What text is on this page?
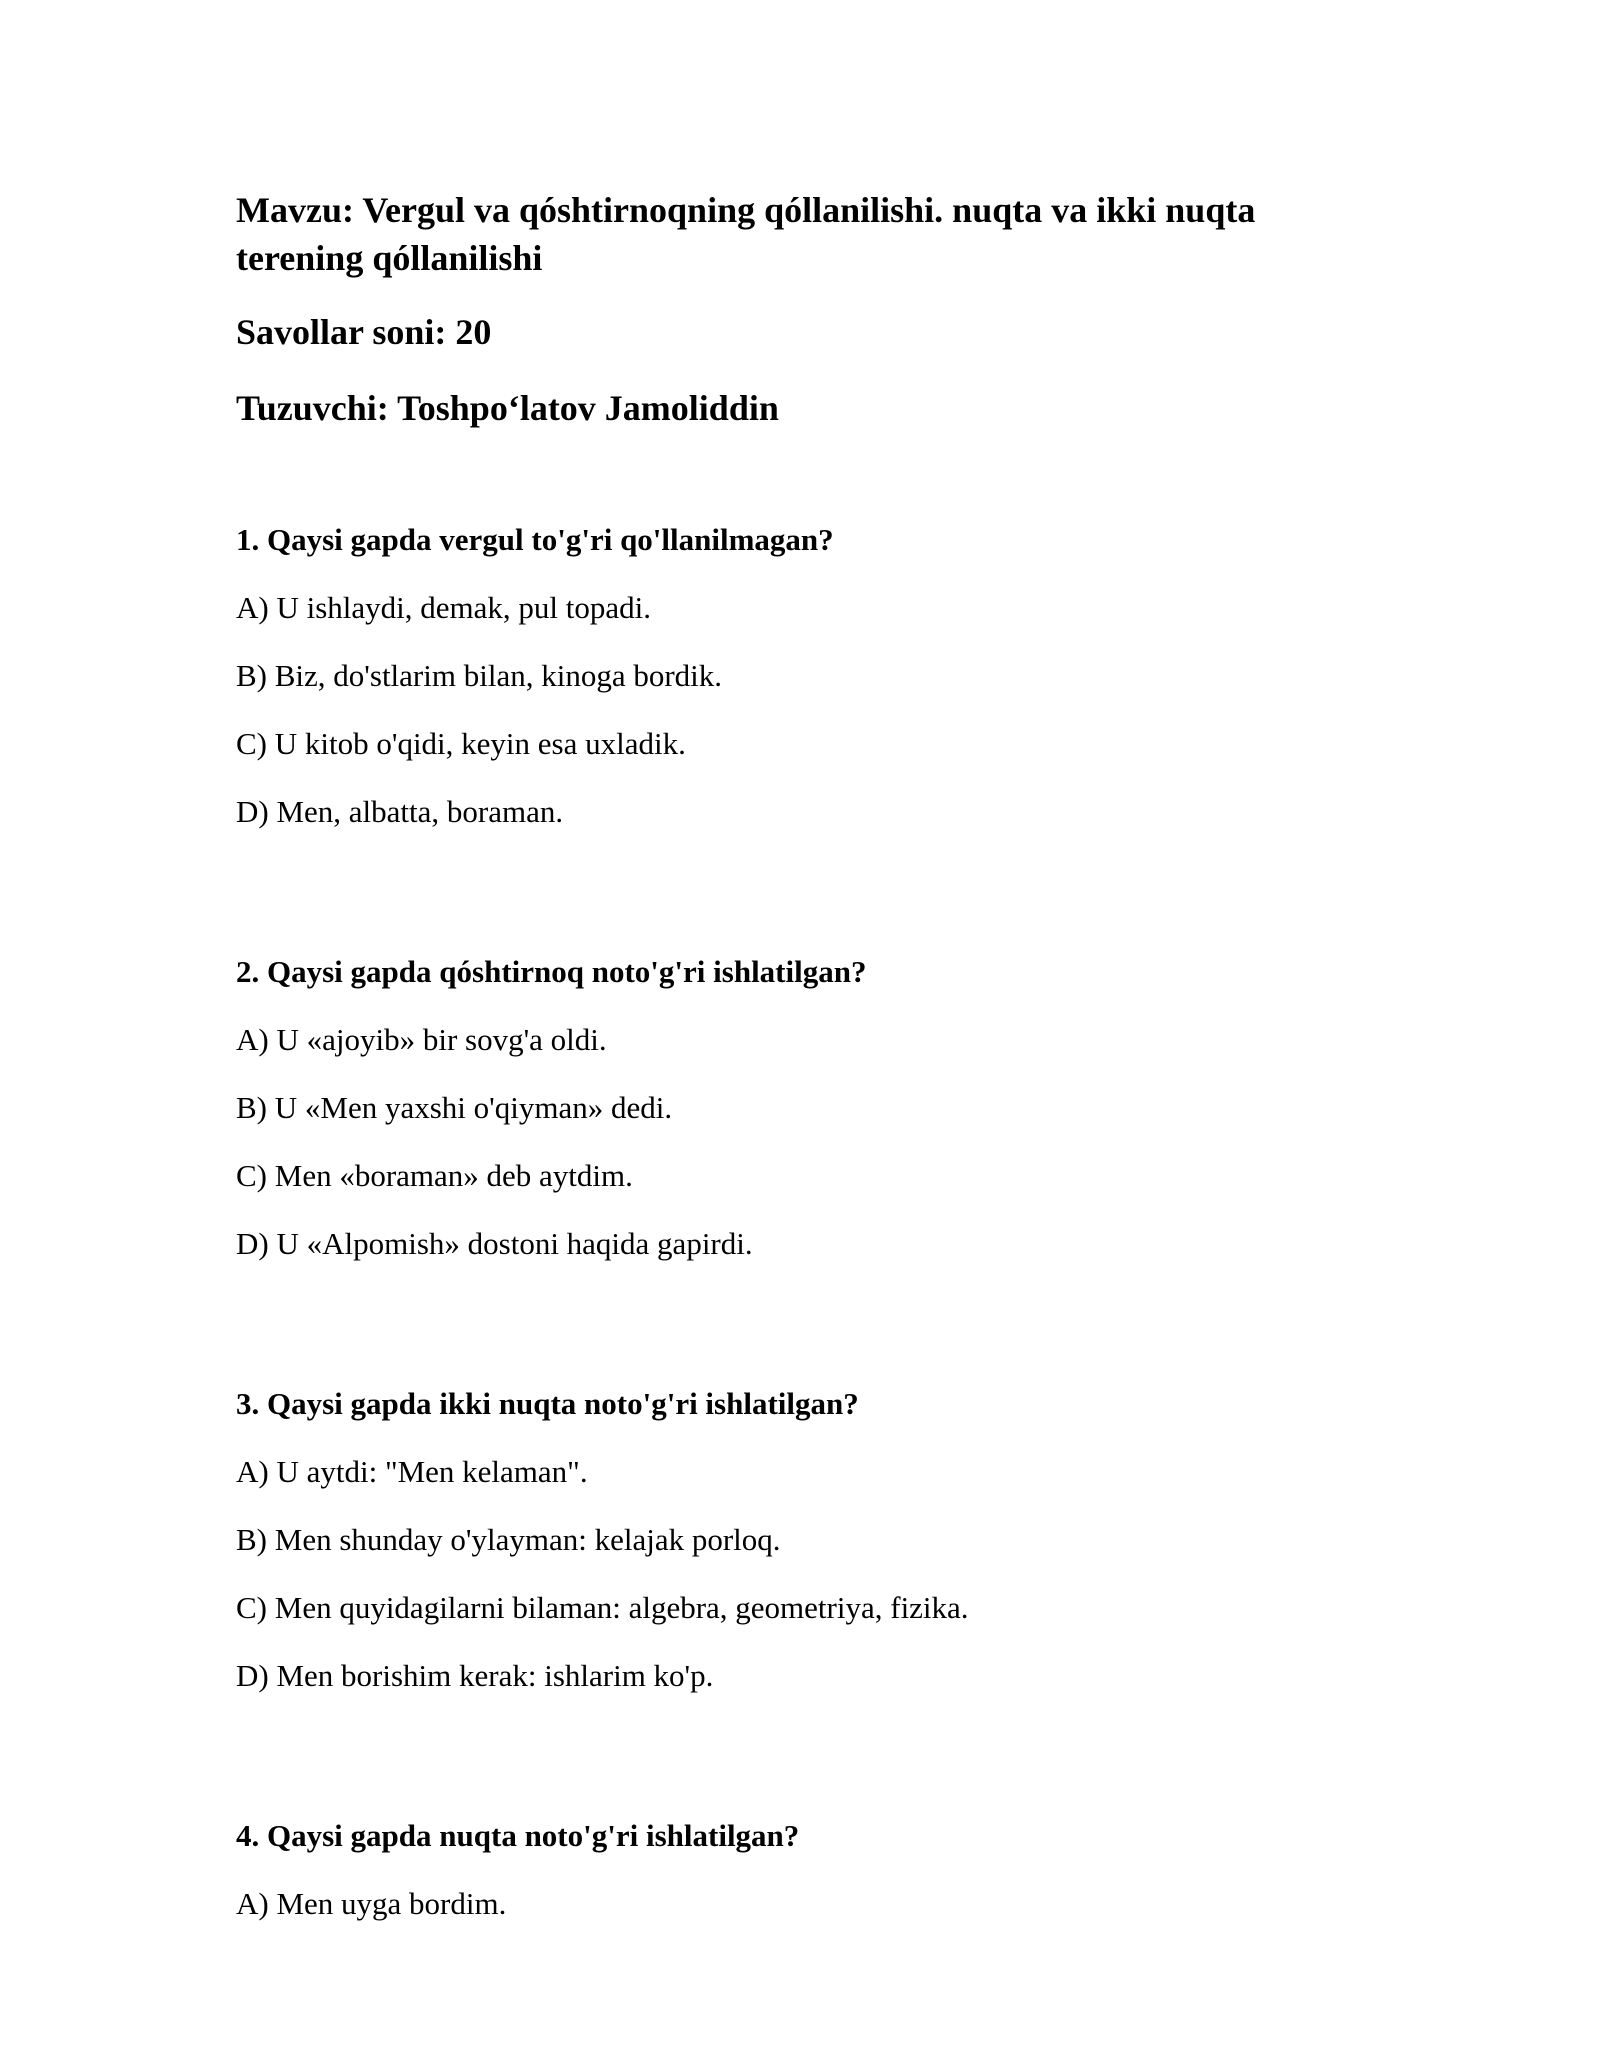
Mavzu: Vergul va qóshtirnoqning qóllanilishi. nuqta va ikki nuqta terening qóllanilishi
Savollar soni: 20
Tuzuvchi: Toshpo‘latov Jamoliddin
1. Qaysi gapda vergul to'g'ri qo'llanilmagan?
A) U ishlaydi, demak, pul topadi.
B) Biz, do'stlarim bilan, kinoga bordik.
C) U kitob o'qidi, keyin esa uxladik.
D) Men, albatta, boraman.
2. Qaysi gapda qóshtirnoq noto'g'ri ishlatilgan?
A) U «ajoyib» bir sovg'a oldi.
B) U «Men yaxshi o'qiyman» dedi.
C) Men «boraman» deb aytdim.
D) U «Alpomish» dostoni haqida gapirdi.
3. Qaysi gapda ikki nuqta noto'g'ri ishlatilgan?
A) U aytdi: "Men kelaman".
B) Men shunday o'ylayman: kelajak porloq.
C) Men quyidagilarni bilaman: algebra, geometriya, fizika.
D) Men borishim kerak: ishlarim ko'p.
4. Qaysi gapda nuqta noto'g'ri ishlatilgan?
A) Men uyga bordim.
